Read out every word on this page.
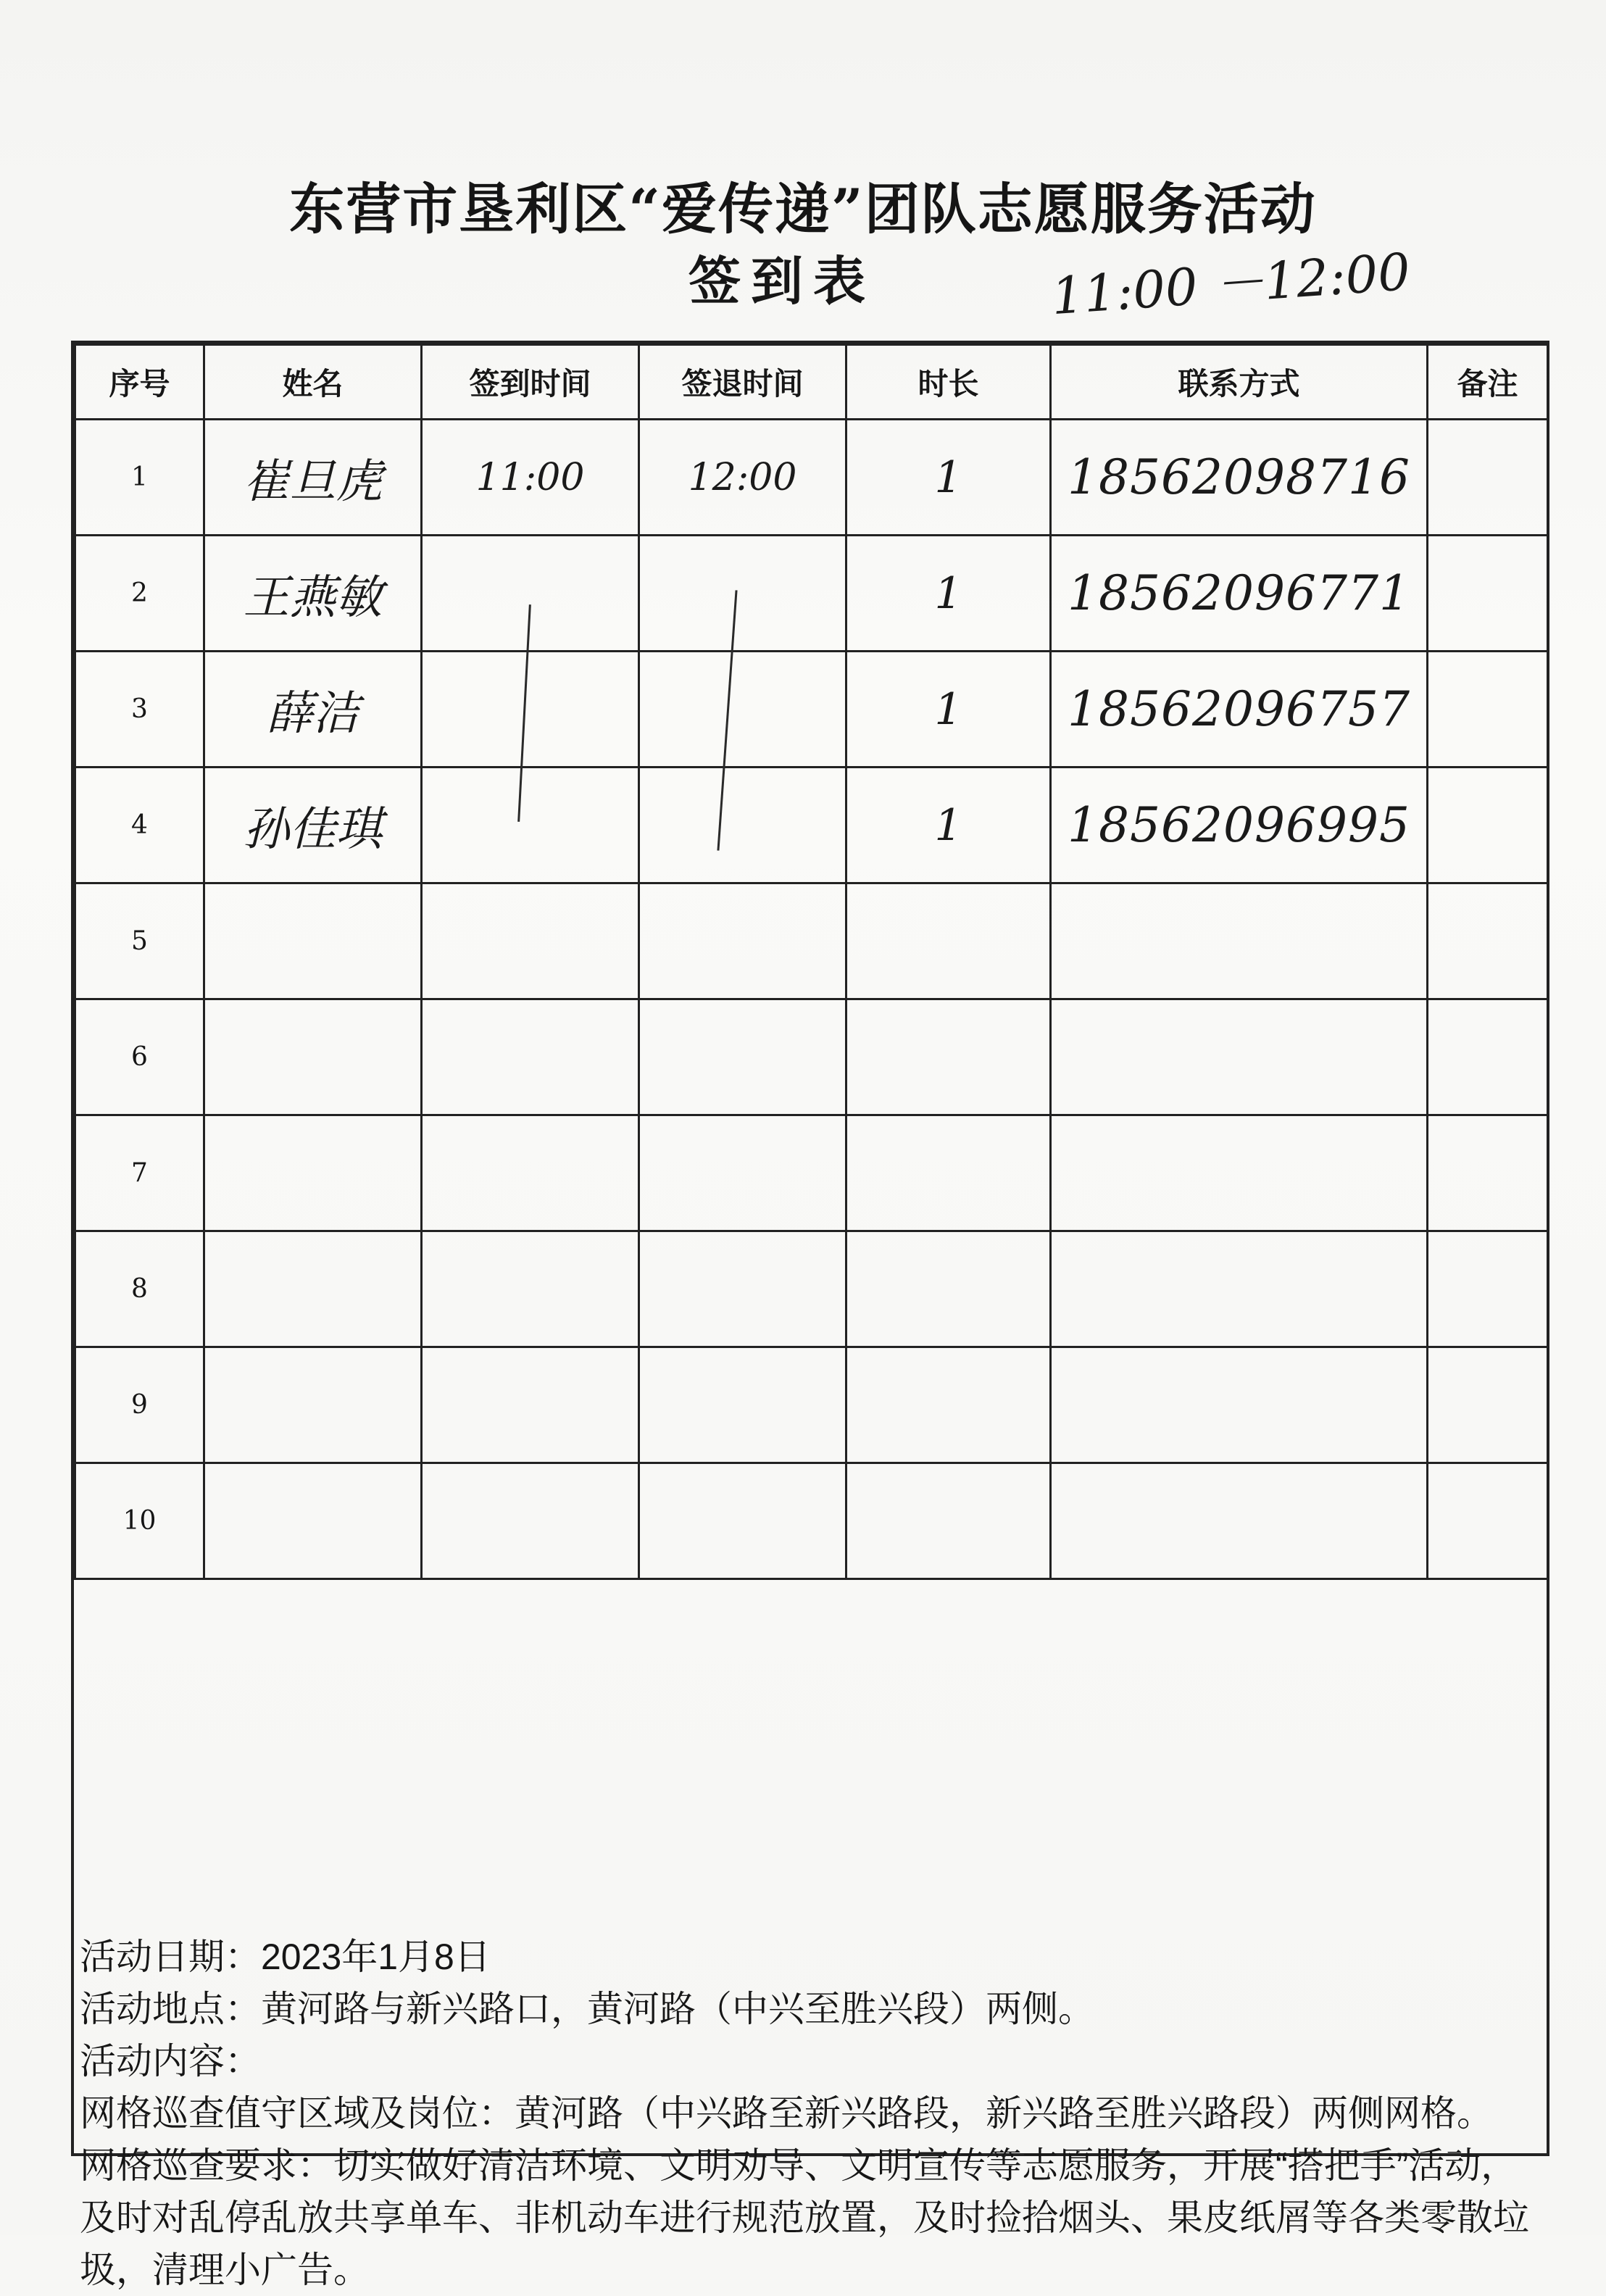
东营市垦利区“爱传递”团队志愿服务活动
签到表	11:00 －12:00
序号	姓名	签到时间	签退时间	时长	联系方式	备注
1	崔旦虎	11:00	12:00	1	18562098716	
2	王燕敏			1	18562096771	
3	薛洁			1	18562096757	
4	孙佳琪			1	18562096995	
5						
6						
7						
8						
9						
10						
活动日期：2023年1月8日
活动地点：黄河路与新兴路口，黄河路（中兴至胜兴段）两侧。
活动内容：
网格巡查值守区域及岗位：黄河路（中兴路至新兴路段，新兴路至胜兴路段）两侧网格。
网格巡查要求：切实做好清洁环境、文明劝导、文明宣传等志愿服务，开展“搭把手”活动，及时对乱停乱放共享单车、非机动车进行规范放置，及时捡拾烟头、果皮纸屑等各类零散垃圾，清理小广告。
